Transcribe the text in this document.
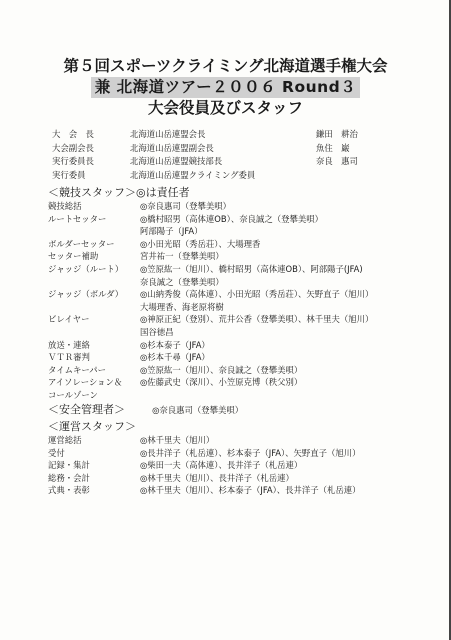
第５回スポーツクライミング北海道選手権大会
兼 北海道ツアー２００６ Round３
大会役員及びスタッフ
大　会　長	北海道山岳連盟会長	鎌田　耕治
大会副会長	北海道山岳連盟副会長	魚住　巌
実行委員長	北海道山岳連盟競技部長	奈良　惠司
実行委員	北海道山岳連盟クライミング委員
＜競技スタッフ＞◎は責任者
競技総括	◎奈良惠司（登攀美唄）
ルートセッター	◎橋村昭男（高体連OB）、奈良誠之（登攀美唄）
阿部陽子（JFA）
ボルダーセッター	◎小田光昭（秀岳荘）、大場理香
セッター補助	宮井祐一（登攀美唄）
ジャッジ（ルート） ◎笠原紘一（旭川）、橋村昭男（高体連OB）、阿部陽子(JFA)
奈良誠之（登攀美唄）
ジャッジ（ボルダ） ◎山納秀俊（高体連）、小田光昭（秀岳荘）、矢野直子（旭川）
大場理香、海老原将樹
ビレイヤー	◎神原正紀（登別）、荒井公香（登攀美唄）、林千里夫（旭川）
国谷徳昌
放送・連絡	◎杉本泰子（JFA）
ＶＴＲ審判	◎杉本千尋（JFA）
タイムキーパー	◎笠原紘一（旭川）、奈良誠之（登攀美唄）
アイソレーション＆ ◎佐藤武史（深川）、小笠原克博（秩父別）
コールゾーン
＜安全管理者＞	◎奈良惠司（登攀美唄）
＜運営スタッフ＞
運営総括	◎林千里夫（旭川）
受付	◎長井洋子（札岳連）、杉本泰子（JFA）、矢野直子（旭川）
記録・集計	◎柴田一夫（高体連）、長井洋子（札岳連）
総務・会計	◎林千里夫（旭川）、長井洋子（札岳連）
式典・表彰	◎林千里夫（旭川）、杉本泰子（JFA）、長井洋子（札岳連）
